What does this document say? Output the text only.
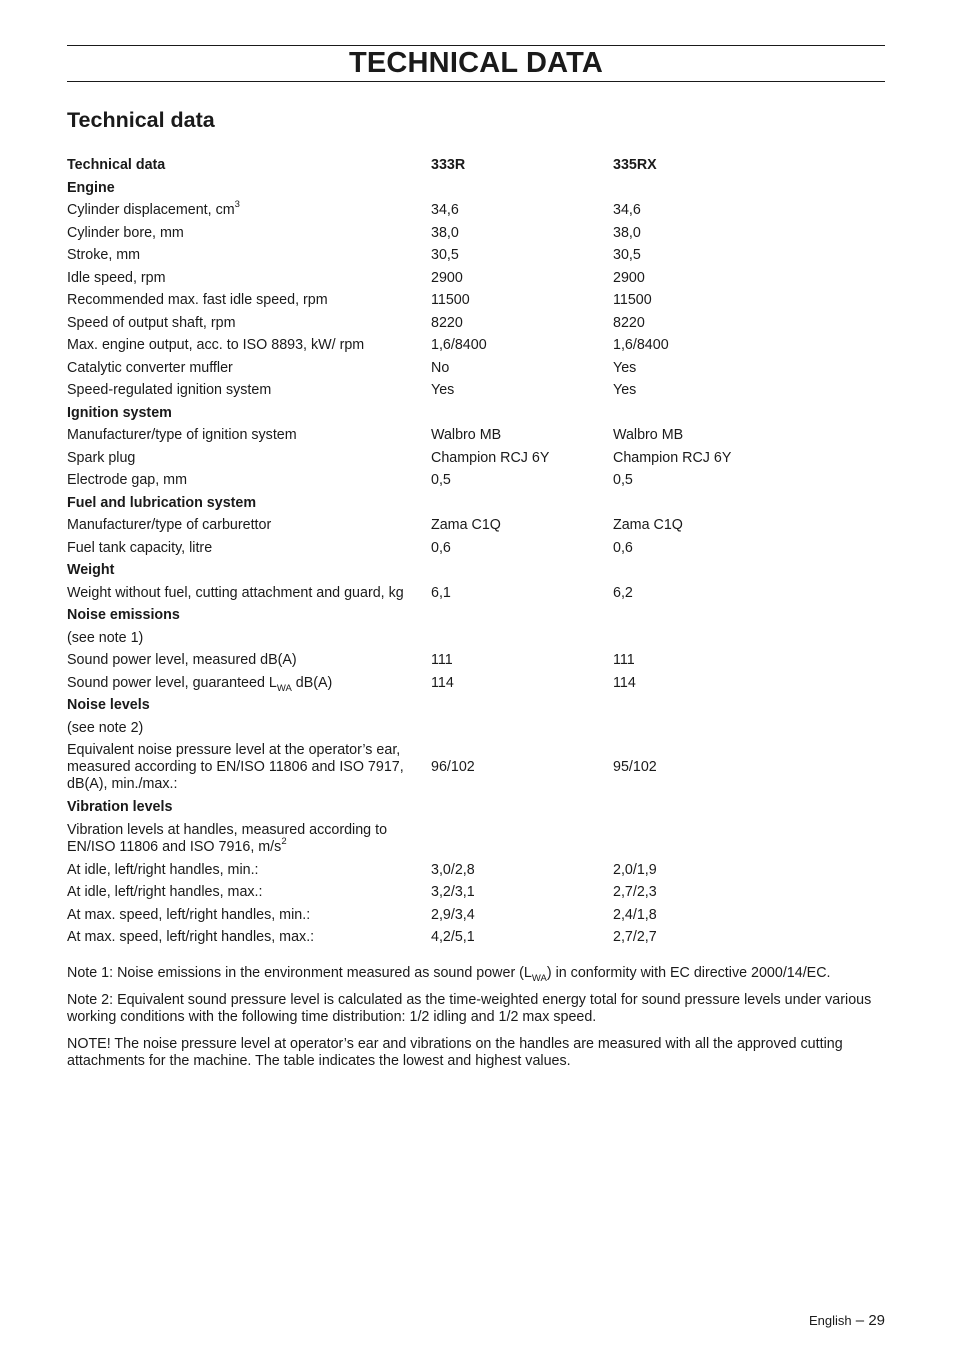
TECHNICAL DATA
Technical data
Technical data	333R	335RX
Engine
Cylinder displacement, $cm^3$	34,6	34,6
Cylinder bore, mm	38,0	38,0
Stroke, mm	30,5	30,5
Idle speed, rpm	2900	2900
Recommended max. fast idle speed, rpm	11500	11500
Speed of output shaft, rpm	8220	8220
Max. engine output, acc. to ISO 8893, kW/ rpm	1,6/8400	1,6/8400
Catalytic converter muffler	No	Yes
Speed-regulated ignition system	Yes	Yes
Ignition system
Manufacturer/type of ignition system	Walbro MB	Walbro MB
Spark plug	Champion RCJ 6Y	Champion RCJ 6Y
Electrode gap, mm	0,5	0,5
Fuel and lubrication system
Manufacturer/type of carburettor	Zama C1Q	Zama C1Q
Fuel tank capacity, litre	0,6	0,6
Weight
Weight without fuel, cutting attachment and guard, kg	6,1	6,2
Noise emissions
(see note 1)
Sound power level, measured dB(A)	111	111
Sound power level, guaranteed $L_{WA}$ dB(A)	114	114
Noise levels
(see note 2)
Equivalent noise pressure level at the operator’s ear,
measured according to EN/ISO 11806 and ISO 7917,
dB(A), min./max.:
96/102	95/102
Vibration levels
Vibration levels at handles, measured according to
EN/ISO 11806 and ISO 7916, $m/s^2$
At idle, left/right handles, min.:	3,0/2,8	2,0/1,9
At idle, left/right handles, max.:	3,2/3,1	2,7/2,3
At max. speed, left/right handles, min.:	2,9/3,4	2,4/1,8
At max. speed, left/right handles, max.:	4,2/5,1	2,7/2,7

Note 1: Noise emissions in the environment measured as sound power $(L_{WA})$ in conformity with EC directive 2000/14/EC.

Note 2: Equivalent sound pressure level is calculated as the time-weighted energy total for sound pressure levels under various working conditions with the following time distribution: 1/2 idling and 1/2 max speed.

NOTE! The noise pressure level at operator’s ear and vibrations on the handles are measured with all the approved cutting attachments for the machine. The table indicates the lowest and highest values.

English – 29
